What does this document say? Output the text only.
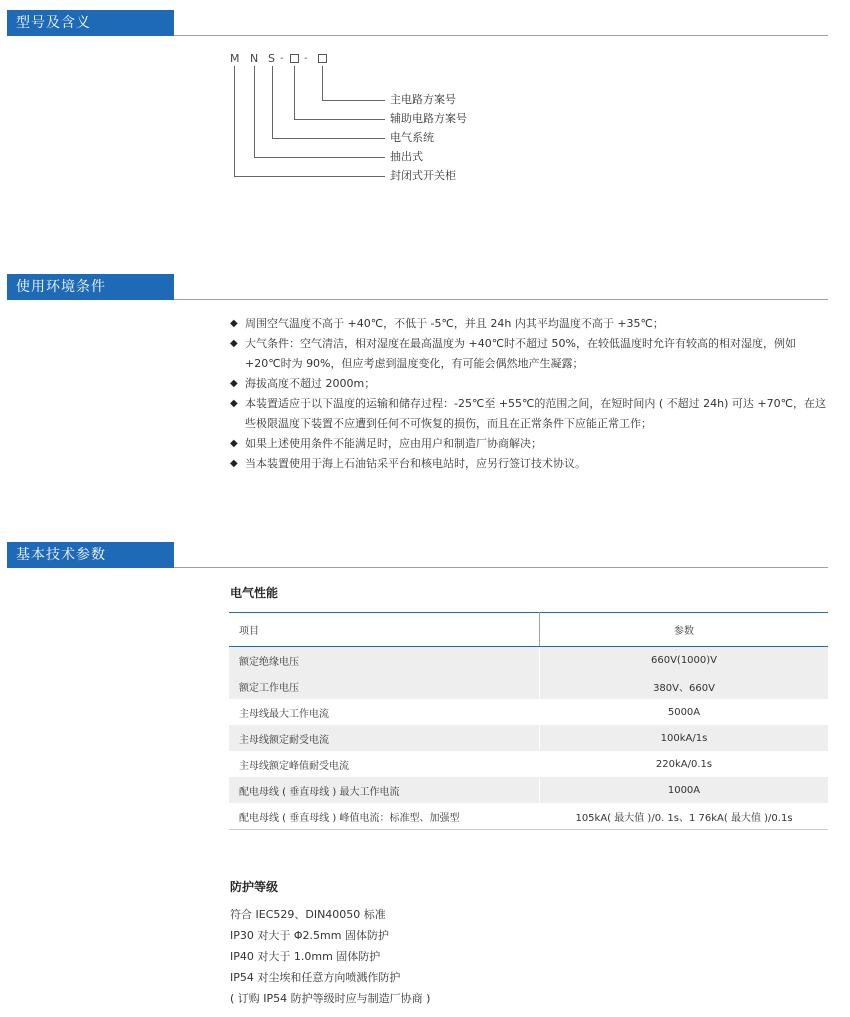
型号及含义
M N S - -
主电路方案号
辅助电路方案号
电气系统
抽出式
封闭式开关柜
使用环境条件
◆ 周围空气温度不高于 +40℃，不低于 -5℃，并且 24h 内其平均温度不高于 +35℃；
◆ 大气条件：空气清洁，相对湿度在最高温度为 +40℃时不超过 50%，在较低温度时允许有较高的相对湿度，例如 +20℃时为 90%，但应考虑到温度变化，有可能会偶然地产生凝露；
◆ 海拔高度不超过 2000m；
◆ 本装置适应于以下温度的运输和储存过程：-25℃至 +55℃的范围之间，在短时间内 ( 不超过 24h) 可达 +70℃，在这些极限温度下装置不应遭到任何不可恢复的损伤，而且在正常条件下应能正常工作；
◆ 如果上述使用条件不能满足时，应由用户和制造厂协商解决；
◆ 当本装置使用于海上石油钻采平台和核电站时，应另行签订技术协议。
基本技术参数
电气性能
项目	参数
额定绝缘电压	660V(1000)V
额定工作电压	380V、660V
主母线最大工作电流	5000A
主母线额定耐受电流	100kA/1s
主母线额定峰值耐受电流	220kA/0.1s
配电母线 ( 垂直母线 ) 最大工作电流	1000A
配电母线 ( 垂直母线 ) 峰值电流：标准型、加强型	105kA( 最大值 )/0. 1s、1 76kA( 最大值 )/0.1s
防护等级
符合 IEC529、DIN40050 标准
IP30 对大于 Φ2.5mm 固体防护
IP40 对大于 1.0mm 固体防护
IP54 对尘埃和任意方向喷溅作防护
( 订购 IP54 防护等级时应与制造厂协商 )
